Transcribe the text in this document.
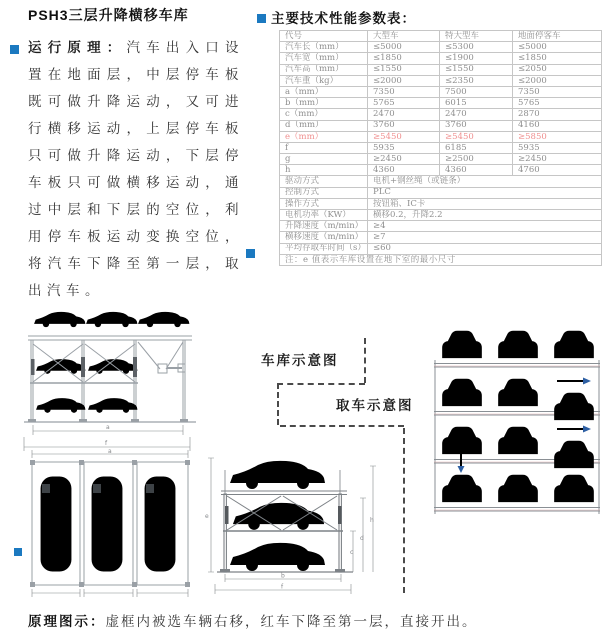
PSH3三层升降横移车库
运行原理：汽车出入口设置在地面层，中层停车板既可做升降运动，又可进行横移运动，上层停车板只可做升降运动，下层停车板只可做横移运动，通过中层和下层的空位，利用停车板运动变换空位，将汽车下降至第一层，取出汽车。
主要技术性能参数表：
代号	大型车	特大型车	地面停客车
汽车长（mm）	≤5000	≤5300	≤5000
汽车宽（mm）	≤1850	≤1900	≤1850
汽车高（mm）	≤1550	≤1550	≤2050
汽车重（kg）	≤2000	≤2350	≤2000
a（mm）	7350	7500	7350
b（mm）	5765	6015	5765
c（mm）	2470	2470	2870
d（mm）	3760	3760	4160
e（mm）	≥5450	≥5450	≥5850
f	5935	6185	5935
g	≥2450	≥2500	≥2450
h	4360	4360	4760
驱动方式	电机+钢丝绳（或链条）		
控制方式	PLC		
操作方式	按钮箱、IC卡		
电机功率（KW）	横移0.2，升降2.2		
升降速度（m/min）	≥4		
横移速度（m/min）	≥7		
平均存取车时间（s）	≤60		
注：e 值表示车库设置在地下室的最小尺寸			
a
f
a
e
c
d
h
b
f
车库示意图
取车示意图
原理图示：虚框内被选车辆右移，红车下降至第一层，直接开出。
